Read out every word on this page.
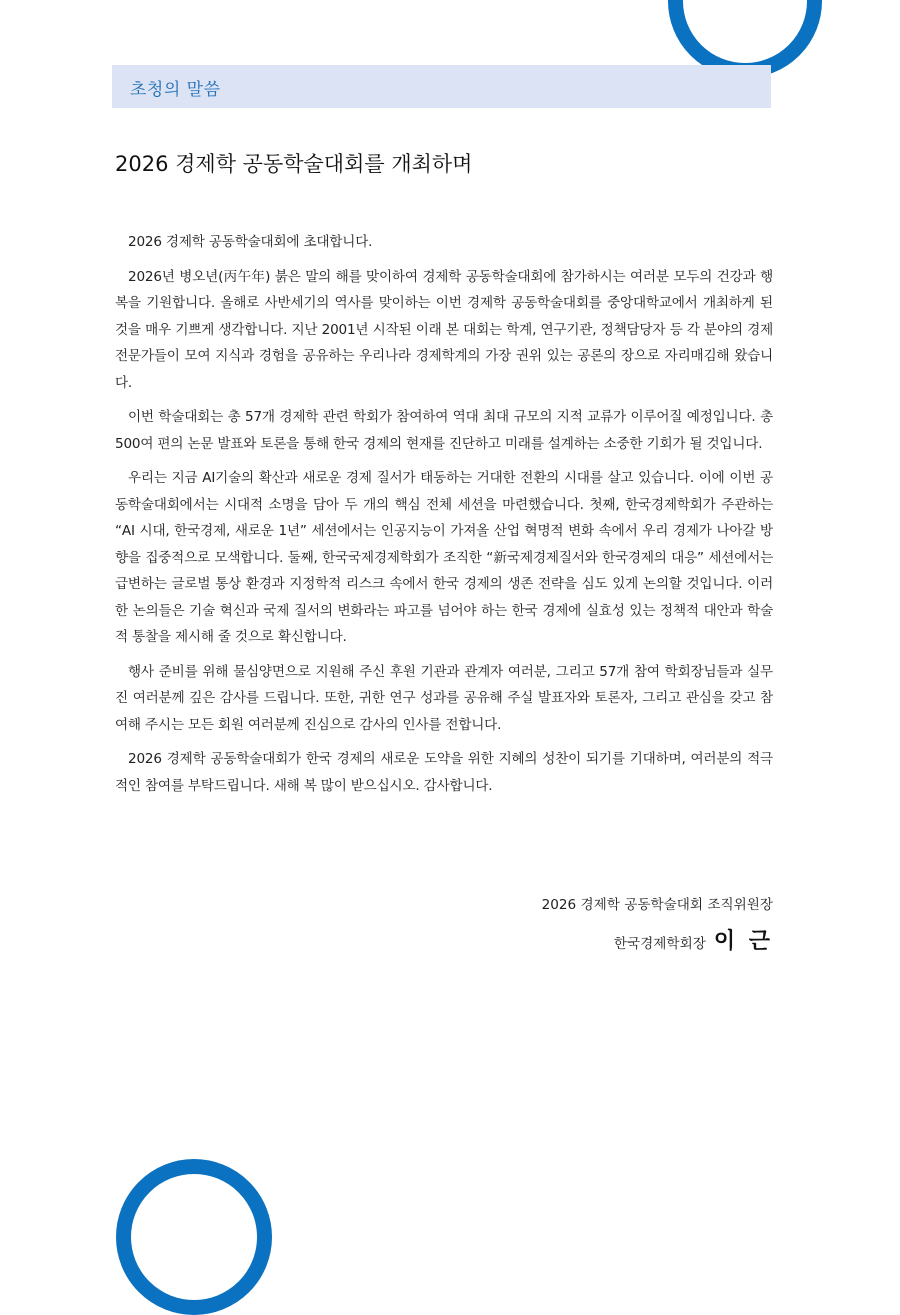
초청의 말씀
2026 경제학 공동학술대회를 개최하며

2026 경제학 공동학술대회에 초대합니다.

2026년 병오년(丙午年) 붉은 말의 해를 맞이하여 경제학 공동학술대회에 참가하시는 여러분 모두의 건강과 행복을 기원합니다. 올해로 사반세기의 역사를 맞이하는 이번 경제학 공동학술대회를 중앙대학교에서 개최하게 된 것을 매우 기쁘게 생각합니다. 지난 2001년 시작된 이래 본 대회는 학계, 연구기관, 정책담당자 등 각 분야의 경제 전문가들이 모여 지식과 경험을 공유하는 우리나라 경제학계의 가장 권위 있는 공론의 장으로 자리매김해 왔습니다.

이번 학술대회는 총 57개 경제학 관련 학회가 참여하여 역대 최대 규모의 지적 교류가 이루어질 예정입니다. 총 500여 편의 논문 발표와 토론을 통해 한국 경제의 현재를 진단하고 미래를 설계하는 소중한 기회가 될 것입니다.

우리는 지금 AI기술의 확산과 새로운 경제 질서가 태동하는 거대한 전환의 시대를 살고 있습니다. 이에 이번 공동학술대회에서는 시대적 소명을 담아 두 개의 핵심 전체 세션을 마련했습니다. 첫째, 한국경제학회가 주관하는 “AI 시대, 한국경제, 새로운 1년” 세션에서는 인공지능이 가져올 산업 혁명적 변화 속에서 우리 경제가 나아갈 방향을 집중적으로 모색합니다. 둘째, 한국국제경제학회가 조직한 “新국제경제질서와 한국경제의 대응” 세션에서는 급변하는 글로벌 통상 환경과 지정학적 리스크 속에서 한국 경제의 생존 전략을 심도 있게 논의할 것입니다. 이러한 논의들은 기술 혁신과 국제 질서의 변화라는 파고를 넘어야 하는 한국 경제에 실효성 있는 정책적 대안과 학술적 통찰을 제시해 줄 것으로 확신합니다.

행사 준비를 위해 물심양면으로 지원해 주신 후원 기관과 관계자 여러분, 그리고 57개 참여 학회장님들과 실무진 여러분께 깊은 감사를 드립니다. 또한, 귀한 연구 성과를 공유해 주실 발표자와 토론자, 그리고 관심을 갖고 참여해 주시는 모든 회원 여러분께 진심으로 감사의 인사를 전합니다.

2026 경제학 공동학술대회가 한국 경제의 새로운 도약을 위한 지혜의 성찬이 되기를 기대하며, 여러분의 적극적인 참여를 부탁드립니다. 새해 복 많이 받으십시오. 감사합니다.

2026 경제학 공동학술대회 조직위원장
한국경제학회장 이 근
